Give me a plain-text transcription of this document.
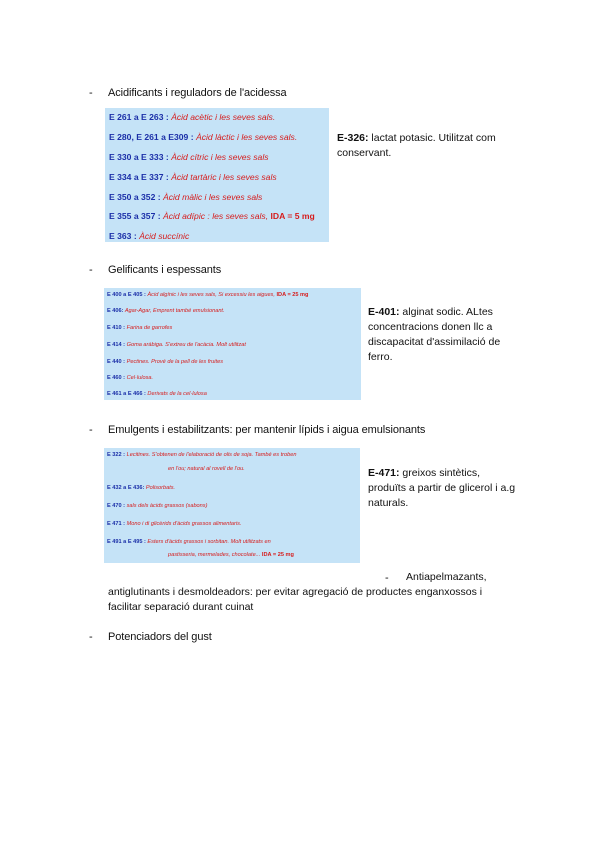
- Acidificants i reguladors de l'acidessa
E 261 a E 263 : Àcid acètic i les seves sals.
E 280, E 261 a E309 : Àcid làctic i les seves sals.
E 330 a E 333 : Àcid cítric i les seves sals
E 334 a E 337 : Àcid tartàric i les seves sals
E 350 a 352 : Àcid màlic i les seves sals
E 355 a 357 : Àcid adípic : les seves sals, IDA = 5 mg
E 363 : Àcid succínic
E-326: lactat potasic. Utilitzat com
conservant.
- Gelificants i espessants
E 400 a E 405 : Àcid algínic i les seves sals, Si excessiu les aigues, IDA = 25 mg
E 406: Agar-Agar, Emprent també emulsionant.
E 410 : Farina de garrofes
E 414 : Goma aràbiga. S'extreu de l'acàcia. Molt utilitzat
E 440 : Pectines. Prové de la pell de les fruites
E 460 : Cel·lulosa.
E 461 a E 466 : Derivats de la cel·lulosa
E-401: alginat sodic. ALtes
concentracions donen llc a
discapacitat d'assimilació de
ferro.
- Emulgents i estabilitzants: per mantenir lípids i aigua emulsionants
E 322 : Lecitines. S'obtenen de l'elaboració de olis de soja. També es troben
en l'ou; natural al rovell de l'ou.
E 432 a E 436: Polisorbats.
E 470 : sals dels àcids grassos (sabons)
E 471 : Mono i di glicèrids d'àcids grassos alimentaris.
E 491 a E 495 : Esters d'àcids grassos i sorbitan. Molt utilitzats en
pastisseria, mermelades, chocolate... IDA = 25 mg
E-471: greixos sintètics,
produïts a partir de glicerol i a.g
naturals.
- Antiapelmazants,
antiglutinants i desmoldeadors: per evitar agregació de productes enganxossos i
facilitar separació durant cuinat
- Potenciadors del gust
